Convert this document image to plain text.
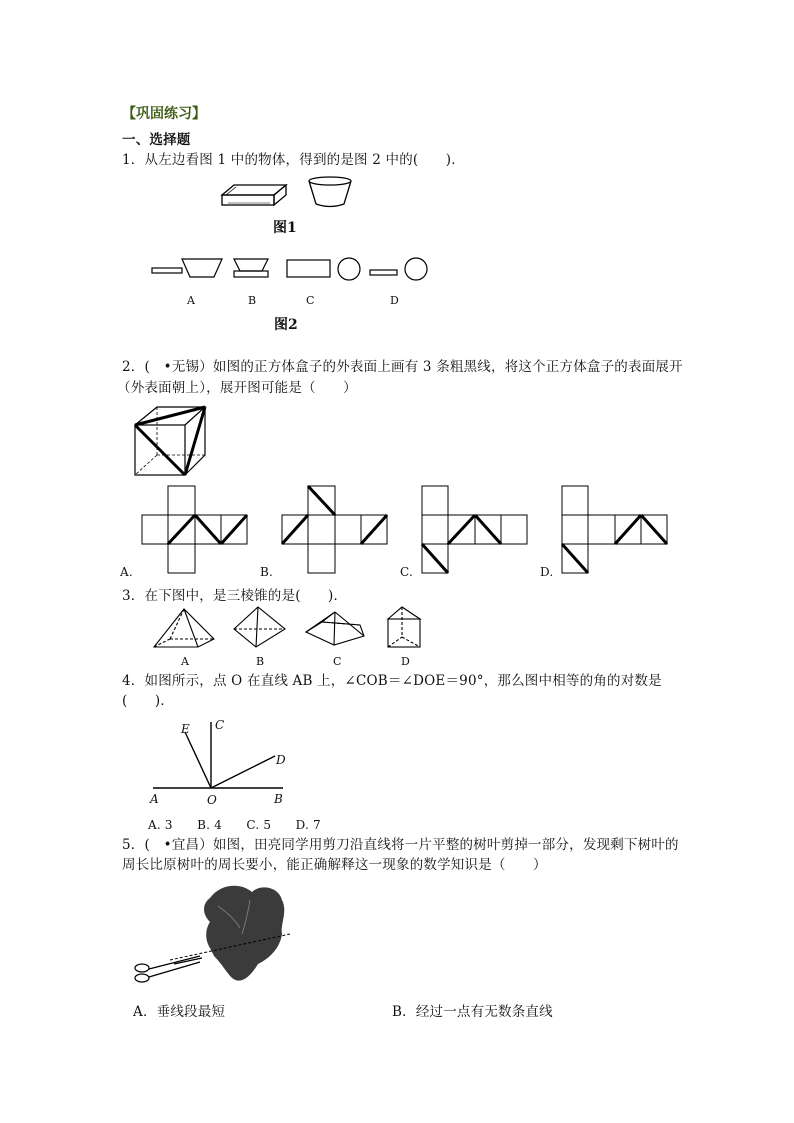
【巩固练习】
一、选择题
1．从左边看图 1 中的物体，得到的是图 2 中的(　　)．
图1
A	B	C	D
图2
2．(　•无锡）如图的正方体盒子的外表面上画有 3 条粗黑线，将这个正方体盒子的表面展开
（外表面朝上），展开图可能是（　　）
A.	B.	C.	D.
3．在下图中，是三棱锥的是(　　)．
A	B	C	D
4．如图所示，点 O 在直线 AB 上，∠COB＝∠DOE＝90°，那么图中相等的角的对数是
(　　)．
E C
D
A	O	B
A. 3　　B. 4　　C. 5　　D. 7
5．(　•宜昌）如图，田亮同学用剪刀沿直线将一片平整的树叶剪掉一部分，发现剩下树叶的
周长比原树叶的周长要小，能正确解释这一现象的数学知识是（　　）
A．垂线段最短	B．经过一点有无数条直线
